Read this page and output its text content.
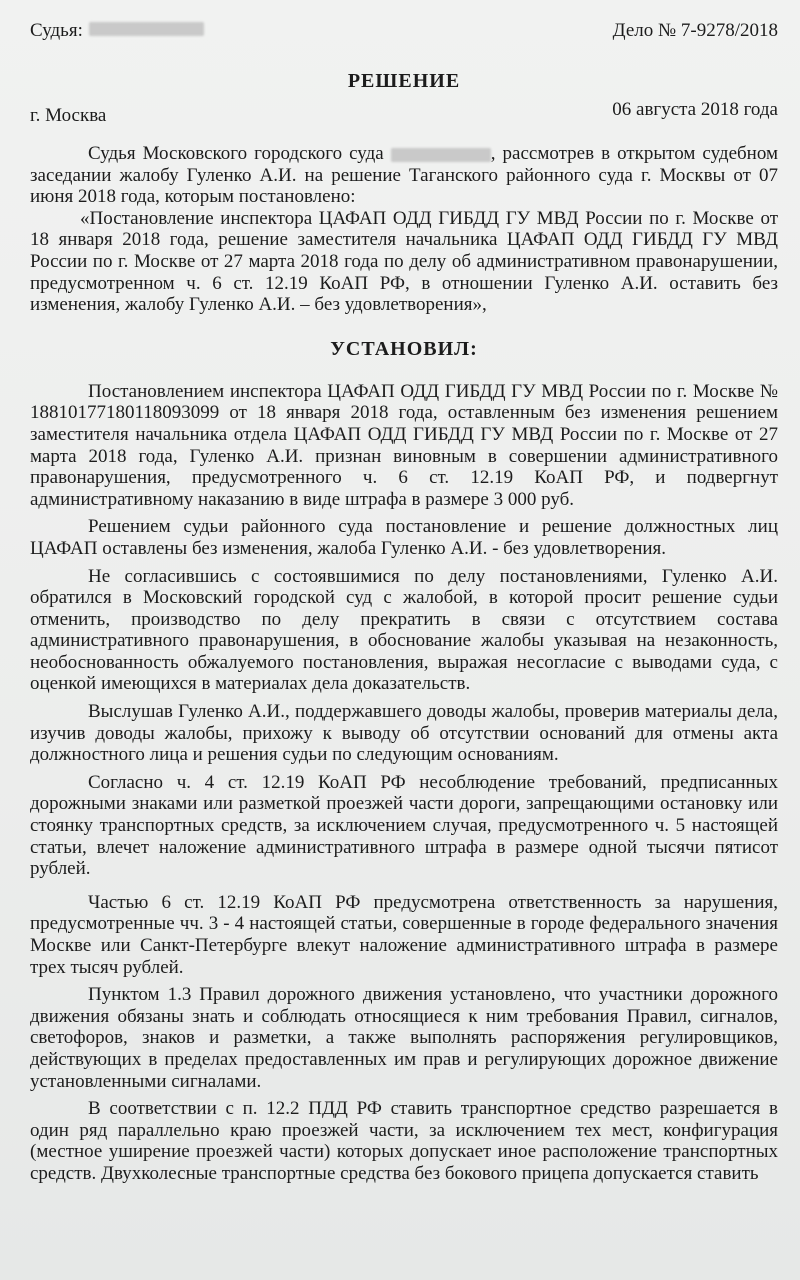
Судья:	Дело № 7-9278/2018
РЕШЕНИЕ
г. Москва	06 августа 2018 года

Судья Московского городского суда	, рассмотрев в открытом судебном заседании жалобу Гуленко А.И. на решение Таганского районного суда г. Москвы от 07 июня 2018 года, которым постановлено:

«Постановление инспектора ЦАФАП ОДД ГИБДД ГУ МВД России по г. Москве от 18 января 2018 года, решение заместителя начальника ЦАФАП ОДД ГИБДД ГУ МВД России по г. Москве от 27 марта 2018 года по делу об административном правонарушении, предусмотренном ч. 6 ст. 12.19 КоАП РФ, в отношении Гуленко А.И. оставить без изменения, жалобу Гуленко А.И. – без удовлетворения»,

УСТАНОВИЛ:

Постановлением инспектора ЦАФАП ОДД ГИБДД ГУ МВД России по г. Москве № 18810177180118093099 от 18 января 2018 года, оставленным без изменения решением заместителя начальника отдела ЦАФАП ОДД ГИБДД ГУ МВД России по г. Москве от 27 марта 2018 года, Гуленко А.И. признан виновным в совершении административного правонарушения, предусмотренного ч. 6 ст. 12.19 КоАП РФ, и подвергнут административному наказанию в виде штрафа в размере 3 000 руб.

Решением судьи районного суда постановление и решение должностных лиц ЦАФАП оставлены без изменения, жалоба Гуленко А.И. - без удовлетворения.

Не согласившись с состоявшимися по делу постановлениями, Гуленко А.И. обратился в Московский городской суд с жалобой, в которой просит решение судьи отменить, производство по делу прекратить в связи с отсутствием состава административного правонарушения, в обоснование жалобы указывая на незаконность, необоснованность обжалуемого постановления, выражая несогласие с выводами суда, с оценкой имеющихся в материалах дела доказательств.

Выслушав Гуленко А.И., поддержавшего доводы жалобы, проверив материалы дела, изучив доводы жалобы, прихожу к выводу об отсутствии оснований для отмены акта должностного лица и решения судьи по следующим основаниям.

Согласно ч. 4 ст. 12.19 КоАП РФ несоблюдение требований, предписанных дорожными знаками или разметкой проезжей части дороги, запрещающими остановку или стоянку транспортных средств, за исключением случая, предусмотренного ч. 5 настоящей статьи, влечет наложение административного штрафа в размере одной тысячи пятисот рублей.

Частью 6 ст. 12.19 КоАП РФ предусмотрена ответственность за нарушения, предусмотренные чч. 3 - 4 настоящей статьи, совершенные в городе федерального значения Москве или Санкт-Петербурге влекут наложение административного штрафа в размере трех тысяч рублей.

Пунктом 1.3 Правил дорожного движения установлено, что участники дорожного движения обязаны знать и соблюдать относящиеся к ним требования Правил, сигналов, светофоров, знаков и разметки, а также выполнять распоряжения регулировщиков, действующих в пределах предоставленных им прав и регулирующих дорожное движение установленными сигналами.

В соответствии с п. 12.2 ПДД РФ ставить транспортное средство разрешается в один ряд параллельно краю проезжей части, за исключением тех мест, конфигурация (местное уширение проезжей части) которых допускает иное расположение транспортных средств. Двухколесные транспортные средства без бокового прицепа допускается ставить
